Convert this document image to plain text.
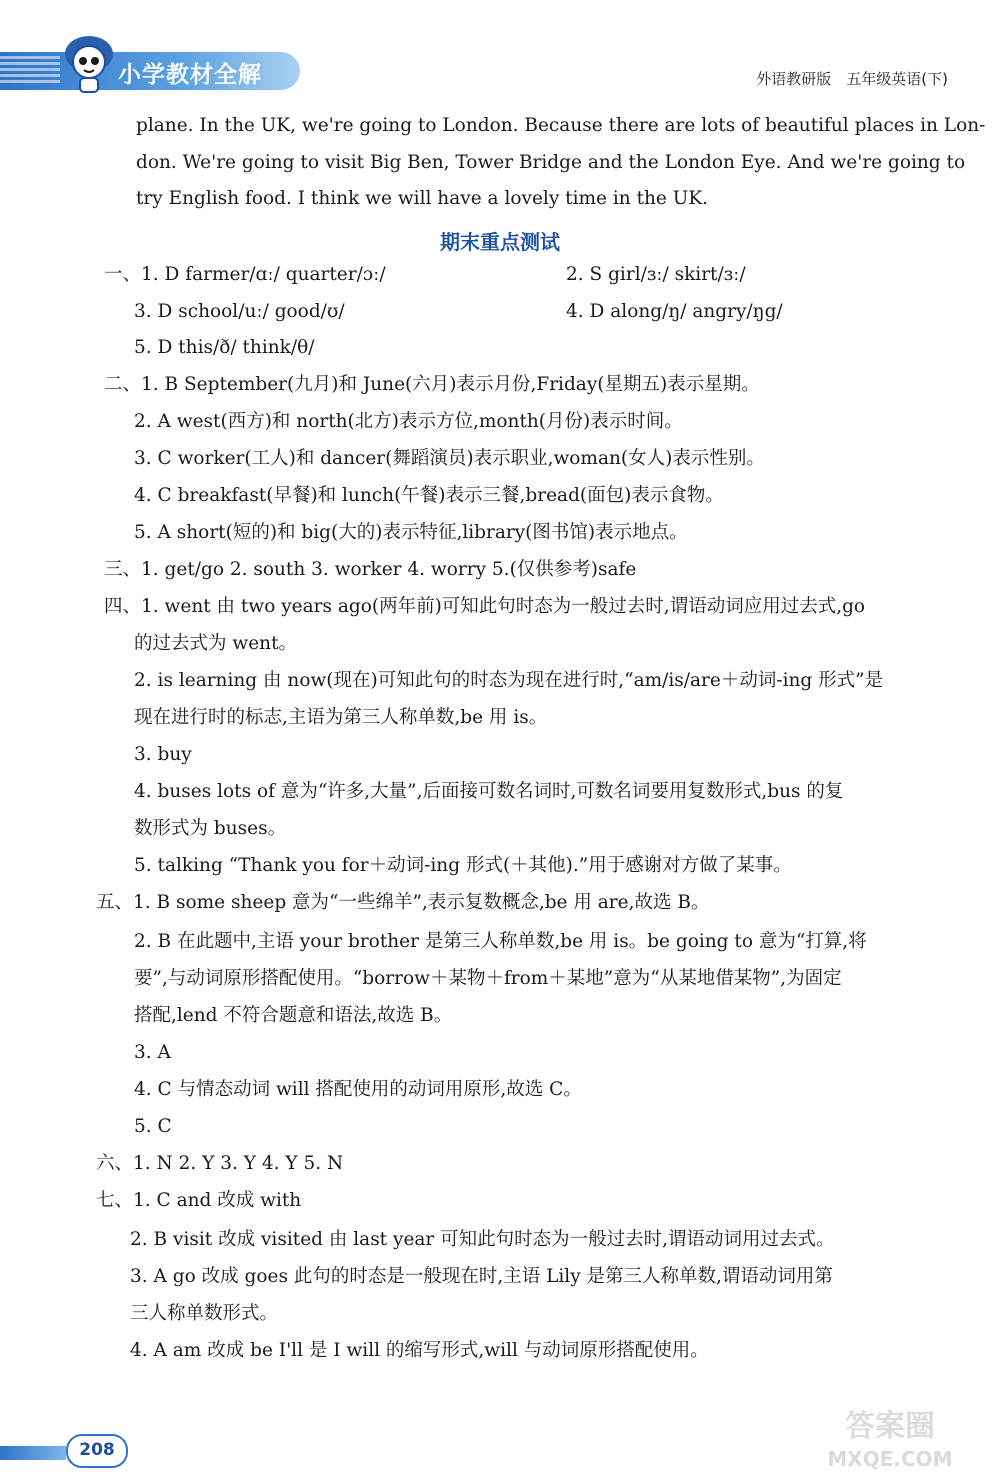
小学教材全解	外语教研版　五年级英语(下)
plane. In the UK, we're going to London. Because there are lots of beautiful places in Lon-
don. We're going to visit Big Ben, Tower Bridge and the London Eye. And we're going to
try English food. I think we will have a lovely time in the UK.
期末重点测试
一、1. D farmer/ɑː/ quarter/ɔː/	2. S girl/ɜː/ skirt/ɜː/
3. D school/uː/ good/ʊ/	4. D along/ŋ/ angry/ŋg/
5. D this/ð/ think/θ/
二、1. B September(九月)和 June(六月)表示月份,Friday(星期五)表示星期。
2. A west(西方)和 north(北方)表示方位,month(月份)表示时间。
3. C worker(工人)和 dancer(舞蹈演员)表示职业,woman(女人)表示性别。
4. C breakfast(早餐)和 lunch(午餐)表示三餐,bread(面包)表示食物。
5. A short(短的)和 big(大的)表示特征,library(图书馆)表示地点。
三、1. get/go 2. south 3. worker 4. worry 5.(仅供参考)safe
四、1. went 由 two years ago(两年前)可知此句时态为一般过去时,谓语动词应用过去式,go
的过去式为 went。
2. is learning 由 now(现在)可知此句的时态为现在进行时,“am/is/are＋动词-ing 形式”是
现在进行时的标志,主语为第三人称单数,be 用 is。
3. buy
4. buses lots of 意为“许多,大量”,后面接可数名词时,可数名词要用复数形式,bus 的复
数形式为 buses。
5. talking “Thank you for＋动词-ing 形式(＋其他).”用于感谢对方做了某事。
五、1. B some sheep 意为“一些绵羊”,表示复数概念,be 用 are,故选 B。
2. B 在此题中,主语 your brother 是第三人称单数,be 用 is。be going to 意为“打算,将
要”,与动词原形搭配使用。“borrow＋某物＋from＋某地”意为“从某地借某物”,为固定
搭配,lend 不符合题意和语法,故选 B。
3. A
4. C 与情态动词 will 搭配使用的动词用原形,故选 C。
5. C
六、1. N 2. Y 3. Y 4. Y 5. N
七、1. C and 改成 with
2. B visit 改成 visited 由 last year 可知此句时态为一般过去时,谓语动词用过去式。
3. A go 改成 goes 此句的时态是一般现在时,主语 Lily 是第三人称单数,谓语动词用第
三人称单数形式。
4. A am 改成 be I'll 是 I will 的缩写形式,will 与动词原形搭配使用。
208
答案圈
MXQE.COM
